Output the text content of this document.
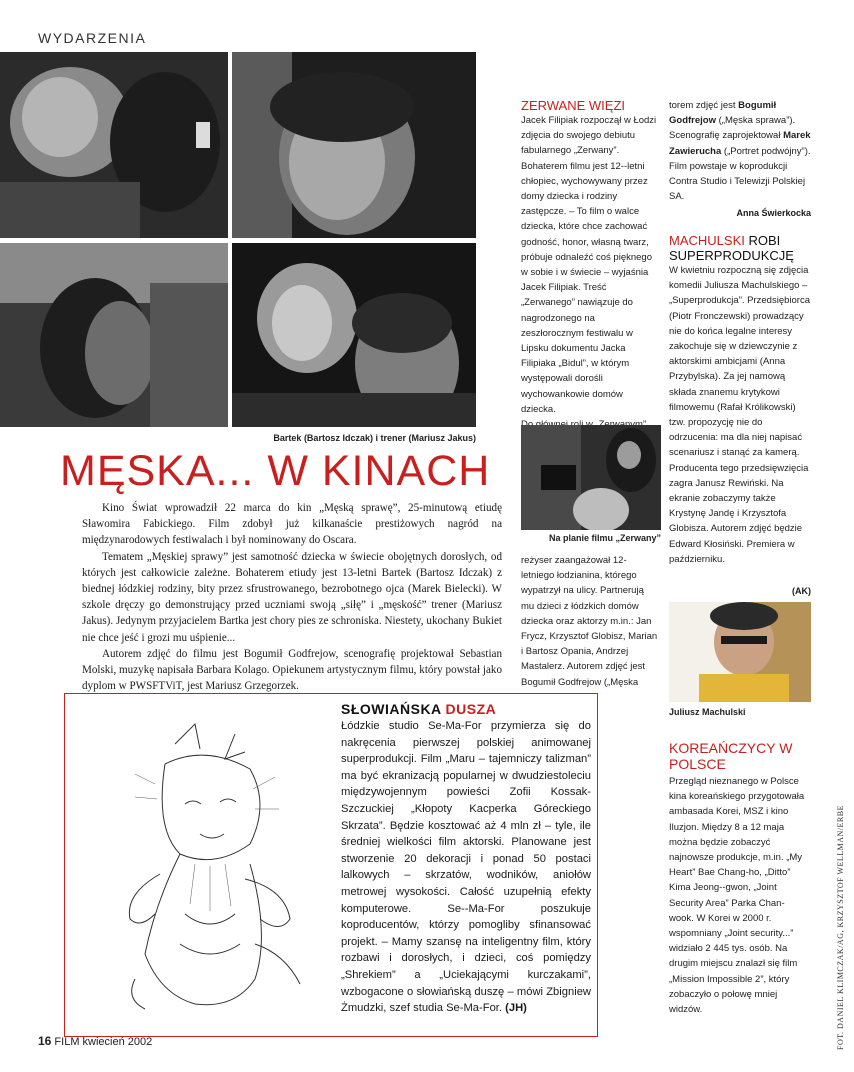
WYDARZENIA
Bartek (Bartosz Idczak) i trener (Mariusz Jakus)
MĘSKA... W KINACH

Kino Świat wprowadził 22 marca do kin „Męską sprawę”, 25-minutową etiudę Sławomira Fabickiego. Film zdobył już kilkanaście prestiżowych nagród na międzynarodowych festiwalach i był nominowany do Oscara.

Tematem „Męskiej sprawy” jest samotność dziecka w świecie obojętnych dorosłych, od których jest całkowicie zależne. Bohaterem etiudy jest 13-letni Bartek (Bartosz Idczak) z biednej łódzkiej rodziny, bity przez sfrustrowanego, bezrobotnego ojca (Marek Bielecki). W szkole dręczy go demonstrujący przed uczniami swoją „siłę” i „męskość” trener (Mariusz Jakus). Jedynym przyjacielem Bartka jest chory pies ze schroniska. Niestety, ukochany Bukiet nie chce jeść i grozi mu uśpienie...

Autorem zdjęć do filmu jest Bogumił Godfrejow, scenografię projektował Sebastian Molski, muzykę napisała Barbara Kolago. Opiekunem artystycznym filmu, który powstał jako dyplom w PWSFTViT, jest Mariusz Grzegorzek.

ZERWANE WIĘZI
Jacek Filipiak rozpoczął w Łodzi zdjęcia do swojego debiutu fabularnego „Zerwany”. Bohaterem filmu jest 12--letni chłopiec, wychowywany przez domy dziecka i rodziny zastępcze. – To film o walce dziecka, które chce zachować godność, honor, własną twarz, próbuje odnaleźć coś pięknego w sobie i w świecie – wyjaśnia Jacek Filipiak. Treść „Zerwanego” nawiązuje do nagrodzonego na zeszłorocznym festiwalu w Lipsku dokumentu Jacka Filipiaka „Bidul”, w którym występowali dorośli wychowankowie domów dziecka.
Na planie filmu „Zerwany”
reżyser zaangażował 12-letniego łodzianina, którego wypatrzył na ulicy. Partnerują mu dzieci z łódzkich domów dziecka oraz aktorzy m.in.: Jan Frycz, Krzysztof Globisz, Marian i Bartosz Opania, Andrzej Mastalerz. Autorem zdjęć jest Bogumił Godfrejow („Męska
torem zdjęć jest Bogumił Godfrejow („Męska sprawa”). Scenografię zaprojektował Marek Zawierucha („Portret podwójny”). Film powstaje w koprodukcji Contra Studio i Telewizji Polskiej SA.
Anna Świerkocka
MACHULSKI ROBI SUPERPRODUKCJĘ
W kwietniu rozpoczną się zdjęcia komedii Juliusza Machulskiego – „Superprodukcja”. Przedsiębiorca (Piotr Fronczewski) prowadzący nie do końca legalne interesy zakochuje się w dziewczynie z aktorskimi ambicjami (Anna Przybylska). Za jej namową składa znanemu krytykowi filmowemu (Rafał Królikowski) tzw. propozycję nie do odrzucenia: ma dla niej napisać scenariusz i stanąć za kamerą. Producenta tego przedsięwzięcia zagra Janusz Rewiński. Na ekranie zobaczymy także Krystynę Jandę i Krzysztofa Globisza. Autorem zdjęć będzie Edward Kłosiński. Premiera w październiku.
(AK)
Juliusz Machulski
KOREAŃCZYCY W POLSCE
Przegląd nieznanego w Polsce kina koreańskiego przygotowała ambasada Korei, MSZ i kino Iluzjon. Między 8 a 12 maja można będzie zobaczyć najnowsze produkcje, m.in. „My Heart” Bae Chang-ho, „Ditto” Kima Jeong--gwon, „Joint Security Area” Parka Chan-wook. W Korei w 2000 r. wspomniany „Joint security...” widziało 2 445 tys. osób. Na drugim miejscu znalazł się film „Mission Impossible 2”, który zobaczyło o połowę mniej widzów.
SŁOWIAŃSKA DUSZA
Łódzkie studio Se-Ma-For przymierza się do nakręcenia pierwszej polskiej animowanej superprodukcji. Film „Maru – tajemniczy talizman” ma być ekranizacją popularnej w dwudziestoleciu międzywojennym powieści Zofii Kossak-Szczuckiej „Kłopoty Kacperka Góreckiego Skrzata”. Będzie kosztować aż 4 mln zł – tyle, ile średniej wielkości film aktorski. Planowane jest stworzenie 20 dekoracji i ponad 50 postaci lalkowych – skrzatów, wodników, aniołów metrowej wysokości. Całość uzupełnią efekty komputerowe. Se--Ma-For poszukuje koproducentów, którzy pomogliby sfinansować projekt. – Mamy szansę na inteligentny film, który rozbawi i dorosłych, i dzieci, coś pomiędzy „Shrekiem” a „Uciekającymi kurczakami”, wzbogacone o słowiańską duszę – mówi Zbigniew Żmudzki, szef studia Se-Ma-For. (JH)	FOT. DANIEL KLIMCZAK/AG, KRZYSZTOF WELLMAN/ERBE
16 FILM kwiecień 2002
